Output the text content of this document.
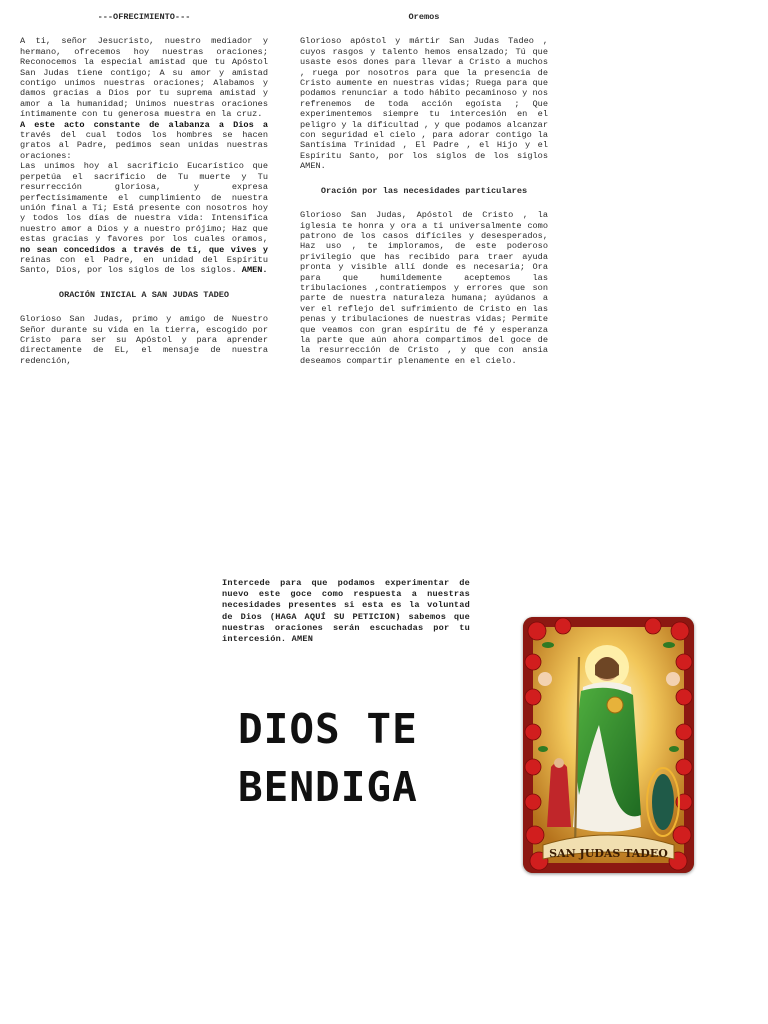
---OFRECIMIENTO---

A ti, señor Jesucristo, nuestro mediador y hermano, ofrecemos hoy nuestras oraciones; Reconocemos la especial amistad que tu Apóstol San Judas tiene contigo; A su amor y amistad contigo unimos nuestras oraciones; Alabamos y damos gracias a Dios por tu suprema amistad y amor a la humanidad; Unimos nuestras oraciones íntimamente con tu generosa muestra en la cruz.

A este acto constante de alabanza a Dios a través del cual todos los hombres se hacen gratos al Padre, pedimos sean unidas nuestras oraciones:

Las unimos hoy al sacrificio Eucarístico que perpetúa el sacrificio de Tu muerte y Tu resurrección gloriosa, y expresa perfectísimamente el cumplimiento de nuestra unión final a Ti; Está presente con nosotros hoy y todos los días de nuestra vida: Intensifica nuestro amor a Dios y a nuestro prójimo; Haz que estas gracias y favores por los cuales oramos, no sean concedidos a través de ti, que vives y reinas con el Padre, en unidad del Espíritu Santo, Dios, por los siglos de los siglos. AMEN.

ORACIÓN INICIAL A SAN JUDAS TADEO

Glorioso San Judas, primo y amigo de Nuestro Señor durante su vida en la tierra, escogido por Cristo para ser su Apóstol y para aprender directamente de EL, el mensaje de nuestra redención,

Oremos

Glorioso apóstol y mártir San Judas Tadeo , cuyos rasgos y talento hemos ensalzado; Tú que usaste esos dones para llevar a Cristo a muchos , ruega por nosotros para que la presencia de Cristo aumente en nuestras vidas; Ruega para que podamos renunciar a todo hábito pecaminoso y nos refrenemos de toda acción egoísta ; Que experimentemos siempre tu intercesión en el peligro y la dificultad , y que podamos alcanzar con seguridad el cielo , para adorar contigo la Santísima Trinidad , El Padre , el Hijo y el Espíritu Santo, por los siglos de los siglos AMEN.

Oración por las necesidades particulares

Glorioso San Judas, Apóstol de Cristo , la iglesia te honra y ora a ti universalmente como patrono de los casos difíciles y desesperados, Haz uso , te imploramos, de este poderoso privilegio que has recibido para traer ayuda pronta y visible allí donde es necesaria; Ora para que humildemente aceptemos las tribulaciones ,contratiempos y errores que son parte de nuestra naturaleza humana; ayúdanos a ver el reflejo del sufrimiento de Cristo en las penas y tribulaciones de nuestras vidas; Permite que veamos con gran espíritu de fé y esperanza la parte que aún ahora compartimos del goce de la resurrección de Cristo , y que con ansia deseamos compartir plenamente en el cielo.

Intercede para que podamos experimentar de nuevo este goce como respuesta a nuestras necesidades presentes si esta es la voluntad de Dios (HAGA AQUÍ SU PETICION) sabemos que nuestras oraciones serán escuchadas por tu intercesión. AMEN
DIOS TE
BENDIGA
SAN JUDAS TADEO
